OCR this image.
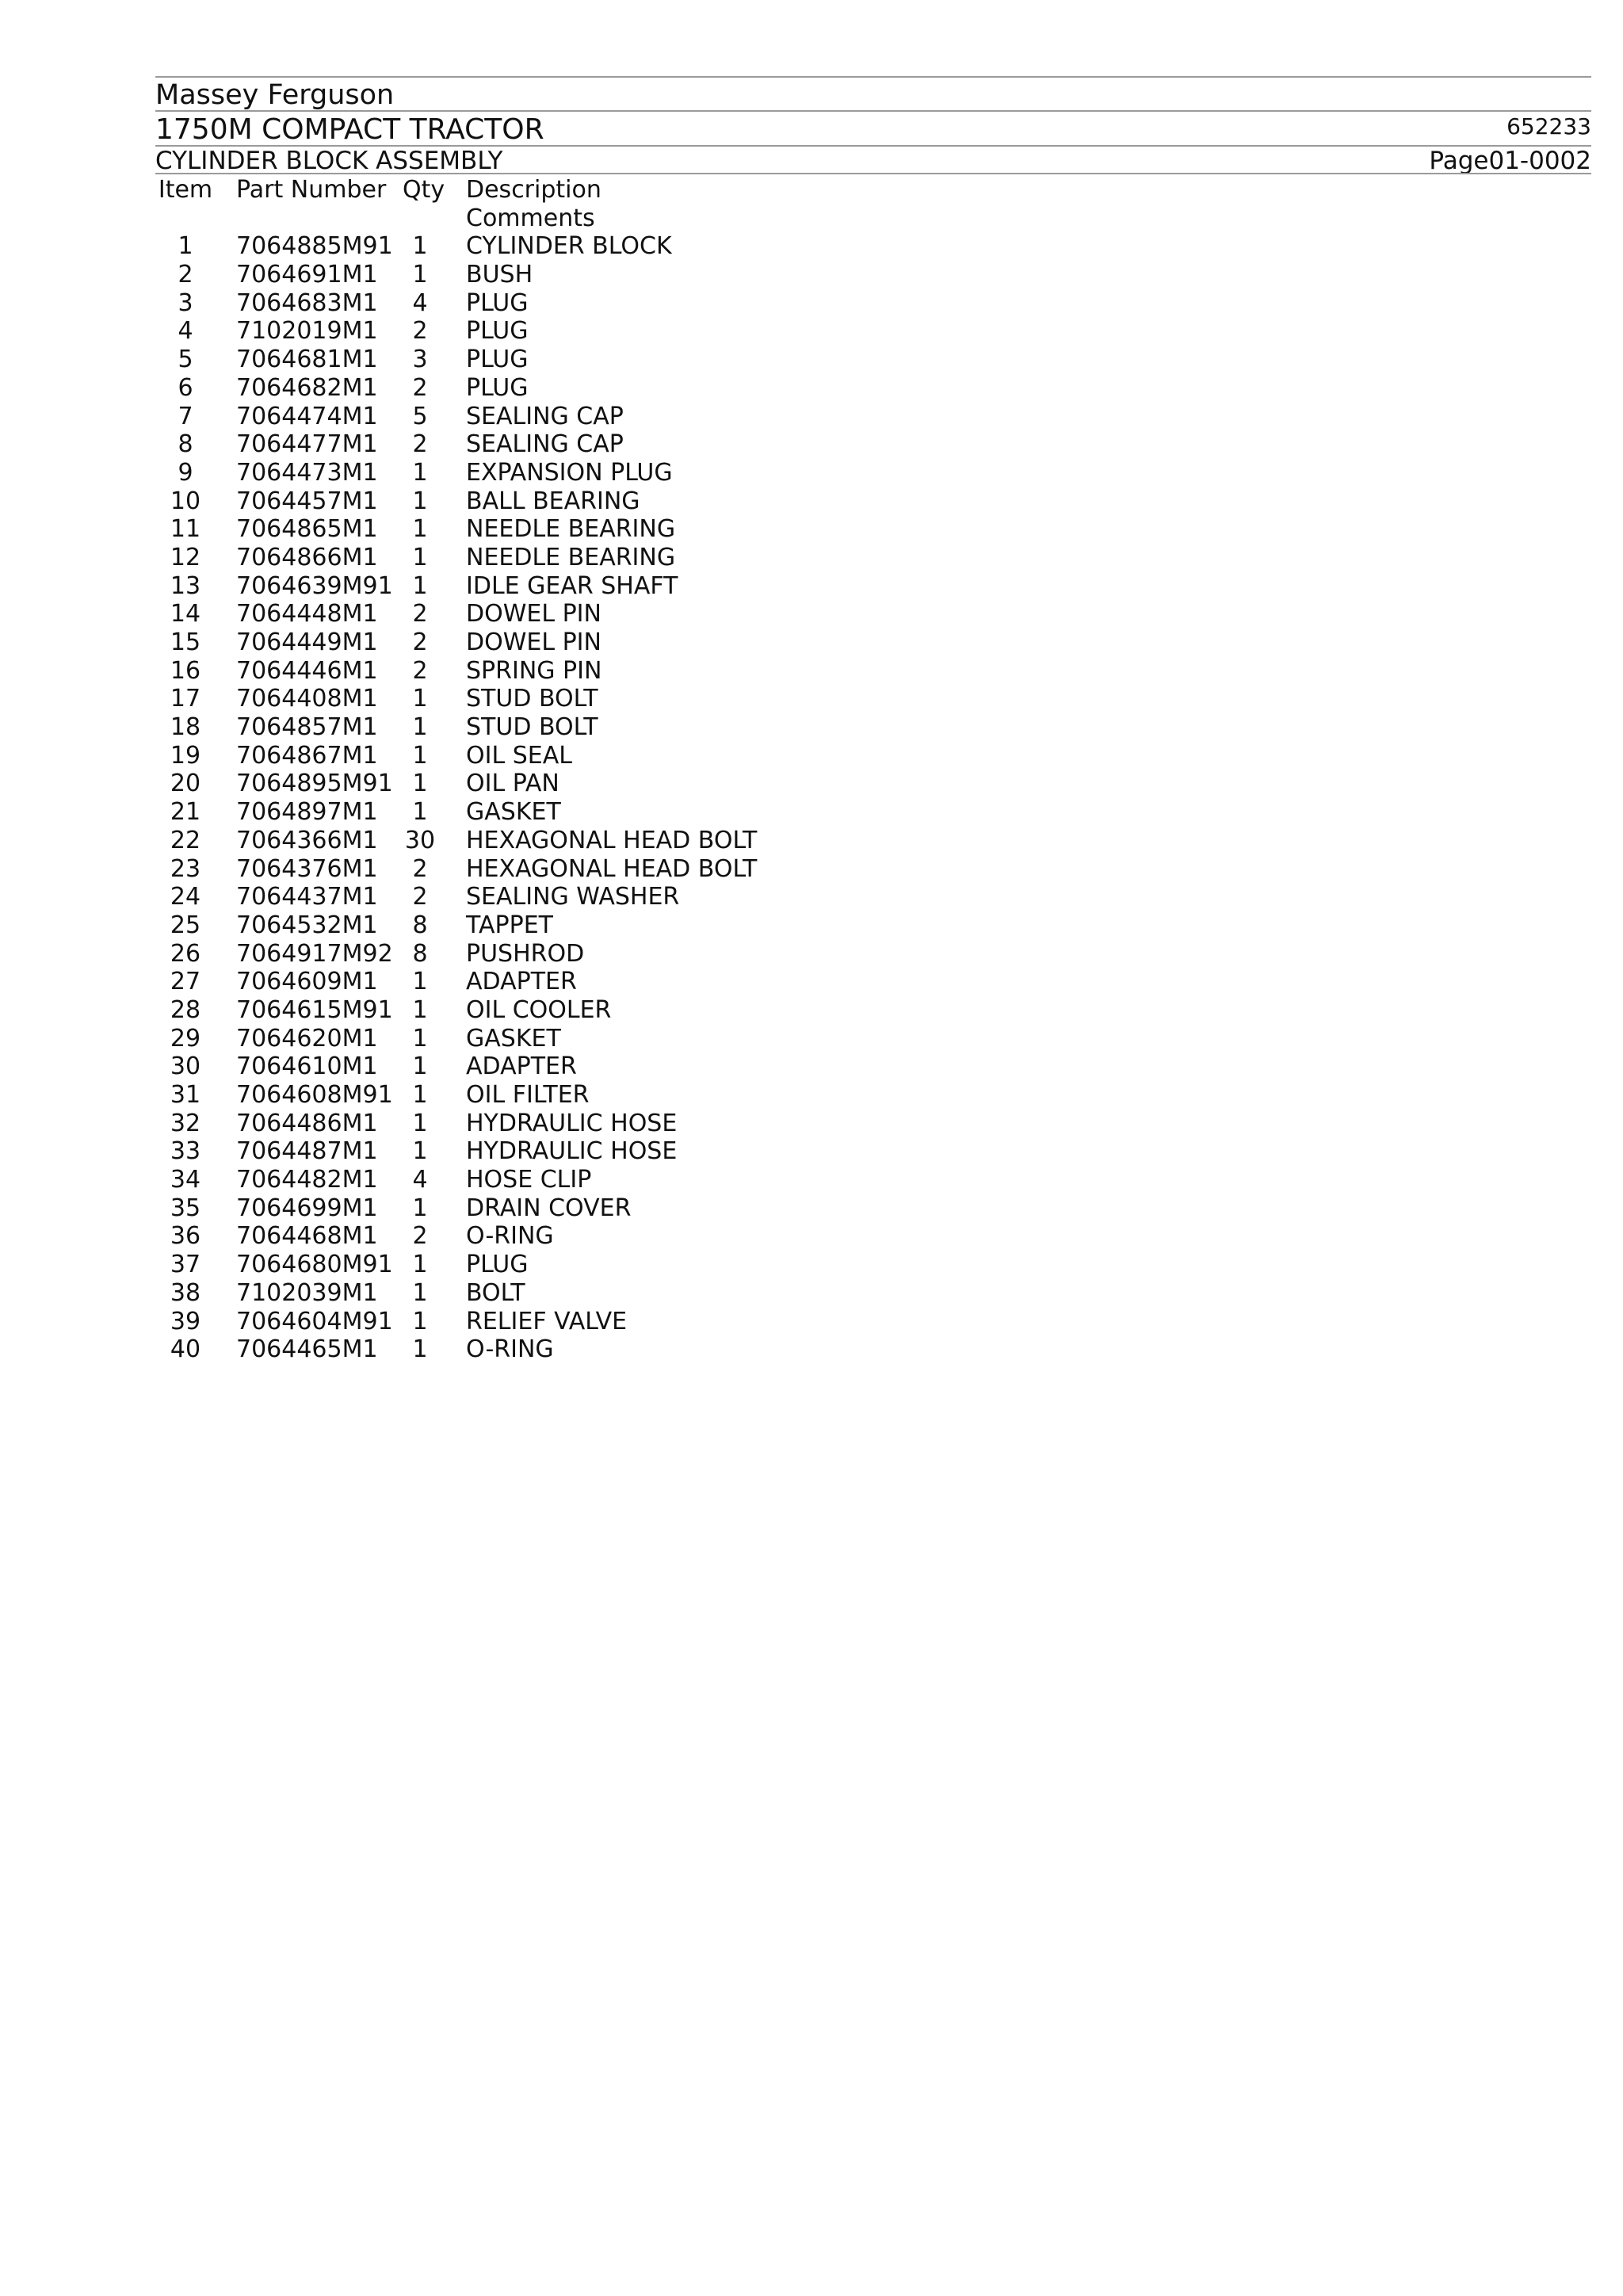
Massey Ferguson
1750M COMPACT TRACTOR	652233
CYLINDER BLOCK ASSEMBLY	Page01-0002
Item Part Number Qty Description
Comments
1	7064885M91 1	CYLINDER BLOCK
2	7064691M1	1	BUSH
3	7064683M1	4	PLUG
4	7102019M1	2	PLUG
5	7064681M1	3	PLUG
6	7064682M1	2	PLUG
7	7064474M1	5	SEALING CAP
8	7064477M1	2	SEALING CAP
9	7064473M1	1	EXPANSION PLUG
10	7064457M1	1	BALL BEARING
11	7064865M1	1	NEEDLE BEARING
12	7064866M1	1	NEEDLE BEARING
13	7064639M91 1	IDLE GEAR SHAFT
14	7064448M1	2	DOWEL PIN
15	7064449M1	2	DOWEL PIN
16	7064446M1	2	SPRING PIN
17	7064408M1	1	STUD BOLT
18	7064857M1	1	STUD BOLT
19	7064867M1	1	OIL SEAL
20	7064895M91 1	OIL PAN
21	7064897M1	1	GASKET
22	7064366M1 30 HEXAGONAL HEAD BOLT
23	7064376M1	2	HEXAGONAL HEAD BOLT
24	7064437M1	2	SEALING WASHER
25	7064532M1	8	TAPPET
26	7064917M92 8	PUSHROD
27	7064609M1	1	ADAPTER
28	7064615M91 1	OIL COOLER
29	7064620M1	1	GASKET
30	7064610M1	1	ADAPTER
31	7064608M91 1	OIL FILTER
32	7064486M1	1	HYDRAULIC HOSE
33	7064487M1	1	HYDRAULIC HOSE
34	7064482M1	4	HOSE CLIP
35	7064699M1	1	DRAIN COVER
36	7064468M1	2	O-RING
37	7064680M91 1	PLUG
38	7102039M1	1	BOLT
39	7064604M91 1	RELIEF VALVE
40	7064465M1	1	O-RING
